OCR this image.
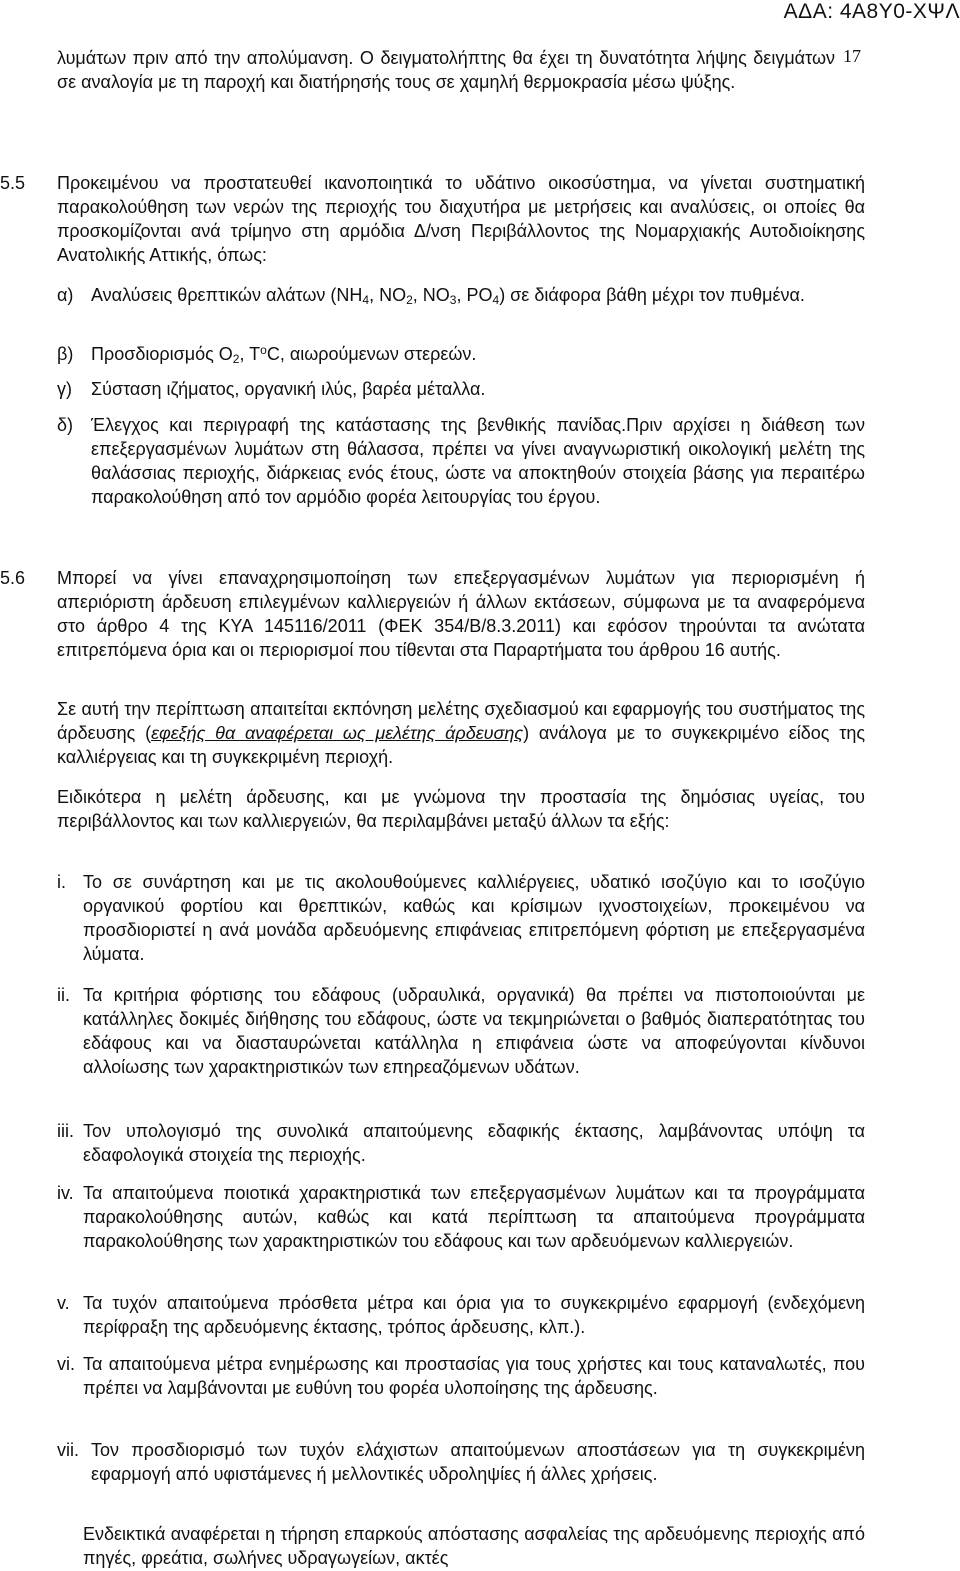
ΑΔΑ: 4Α8Υ0-ΧΨΛ
17

λυμάτων πριν από την απολύμανση. Ο δειγματολήπτης θα έχει τη δυνατότητα λήψης δειγμάτων σε αναλογία με τη παροχή και διατήρησής τους σε χαμηλή θερμοκρασία μέσω ψύξης.

5.5 Προκειμένου να προστατευθεί ικανοποιητικά το υδάτινο οικοσύστημα, να γίνεται συστηματική παρακολούθηση των νερών της περιοχής του διαχυτήρα με μετρήσεις και αναλύσεις, οι οποίες θα προσκομίζονται ανά τρίμηνο στη αρμόδια Δ/νση Περιβάλλοντος της Νομαρχιακής Αυτοδιοίκησης Ανατολικής Αττικής, όπως:

α) Αναλύσεις θρεπτικών αλάτων ($NH_4$, $NO_2$, $NO_3$, $PO_4$) σε διάφορα βάθη μέχρι τον πυθμένα.

β) Προσδιορισμός $O_2$, $T^oC$, αιωρούμενων στερεών.

γ) Σύσταση ιζήματος, οργανική ιλύς, βαρέα μέταλλα.

δ) Έλεγχος και περιγραφή της κατάστασης της βενθικής πανίδας.Πριν αρχίσει η διάθεση των επεξεργασμένων λυμάτων στη θάλασσα, πρέπει να γίνει αναγνωριστική οικολογική μελέτη της θαλάσσιας περιοχής, διάρκειας ενός έτους, ώστε να αποκτηθούν στοιχεία βάσης για περαιτέρω παρακολούθηση από τον αρμόδιο φορέα λειτουργίας του έργου.

5.6 Μπορεί να γίνει επαναχρησιμοποίηση των επεξεργασμένων λυμάτων για περιορισμένη ή απεριόριστη άρδευση επιλεγμένων καλλιεργειών ή άλλων εκτάσεων, σύμφωνα με τα αναφερόμενα στο άρθρο 4 της ΚΥΑ 145116/2011 (ΦΕΚ 354/Β/8.3.2011) και εφόσον τηρούνται τα ανώτατα επιτρεπόμενα όρια και οι περιορισμοί που τίθενται στα Παραρτήματα του άρθρου 16 αυτής.

Σε αυτή την περίπτωση απαιτείται εκπόνηση μελέτης σχεδιασμού και εφαρμογής του συστήματος της άρδευσης (εφεξής θα αναφέρεται ως μελέτης άρδευσης) ανάλογα με το συγκεκριμένο είδος της καλλιέργειας και τη συγκεκριμένη περιοχή.

Ειδικότερα η μελέτη άρδευσης, και με γνώμονα την προστασία της δημόσιας υγείας, του περιβάλλοντος και των καλλιεργειών, θα περιλαμβάνει μεταξύ άλλων τα εξής:

i. Το σε συνάρτηση και με τις ακολουθούμενες καλλιέργειες, υδατικό ισοζύγιο και το ισοζύγιο οργανικού φορτίου και θρεπτικών, καθώς και κρίσιμων ιχνοστοιχείων, προκειμένου να προσδιοριστεί η ανά μονάδα αρδευόμενης επιφάνειας επιτρεπόμενη φόρτιση με επεξεργασμένα λύματα.

ii. Τα κριτήρια φόρτισης του εδάφους (υδραυλικά, οργανικά) θα πρέπει να πιστοποιούνται με κατάλληλες δοκιμές διήθησης του εδάφους, ώστε να τεκμηριώνεται ο βαθμός διαπερατότητας του εδάφους και να διασταυρώνεται κατάλληλα η επιφάνεια ώστε να αποφεύγονται κίνδυνοι αλλοίωσης των χαρακτηριστικών των επηρεαζόμενων υδάτων.

iii. Τον υπολογισμό της συνολικά απαιτούμενης εδαφικής έκτασης, λαμβάνοντας υπόψη τα εδαφολογικά στοιχεία της περιοχής.

iv. Τα απαιτούμενα ποιοτικά χαρακτηριστικά των επεξεργασμένων λυμάτων και τα προγράμματα παρακολούθησης αυτών, καθώς και κατά περίπτωση τα απαιτούμενα προγράμματα παρακολούθησης των χαρακτηριστικών του εδάφους και των αρδευόμενων καλλιεργειών.

v. Τα τυχόν απαιτούμενα πρόσθετα μέτρα και όρια για το συγκεκριμένο εφαρμογή (ενδεχόμενη περίφραξη της αρδευόμενης έκτασης, τρόπος άρδευσης, κλπ.).

vi. Τα απαιτούμενα μέτρα ενημέρωσης και προστασίας για τους χρήστες και τους καταναλωτές, που πρέπει να λαμβάνονται με ευθύνη του φορέα υλοποίησης της άρδευσης.

vii. Τον προσδιορισμό των τυχόν ελάχιστων απαιτούμενων αποστάσεων για τη συγκεκριμένη εφαρμογή από υφιστάμενες ή μελλοντικές υδροληψίες ή άλλες χρήσεις.

Ενδεικτικά αναφέρεται η τήρηση επαρκούς απόστασης ασφαλείας της αρδευόμενης περιοχής από πηγές, φρεάτια, σωλήνες υδραγωγείων, ακτές
